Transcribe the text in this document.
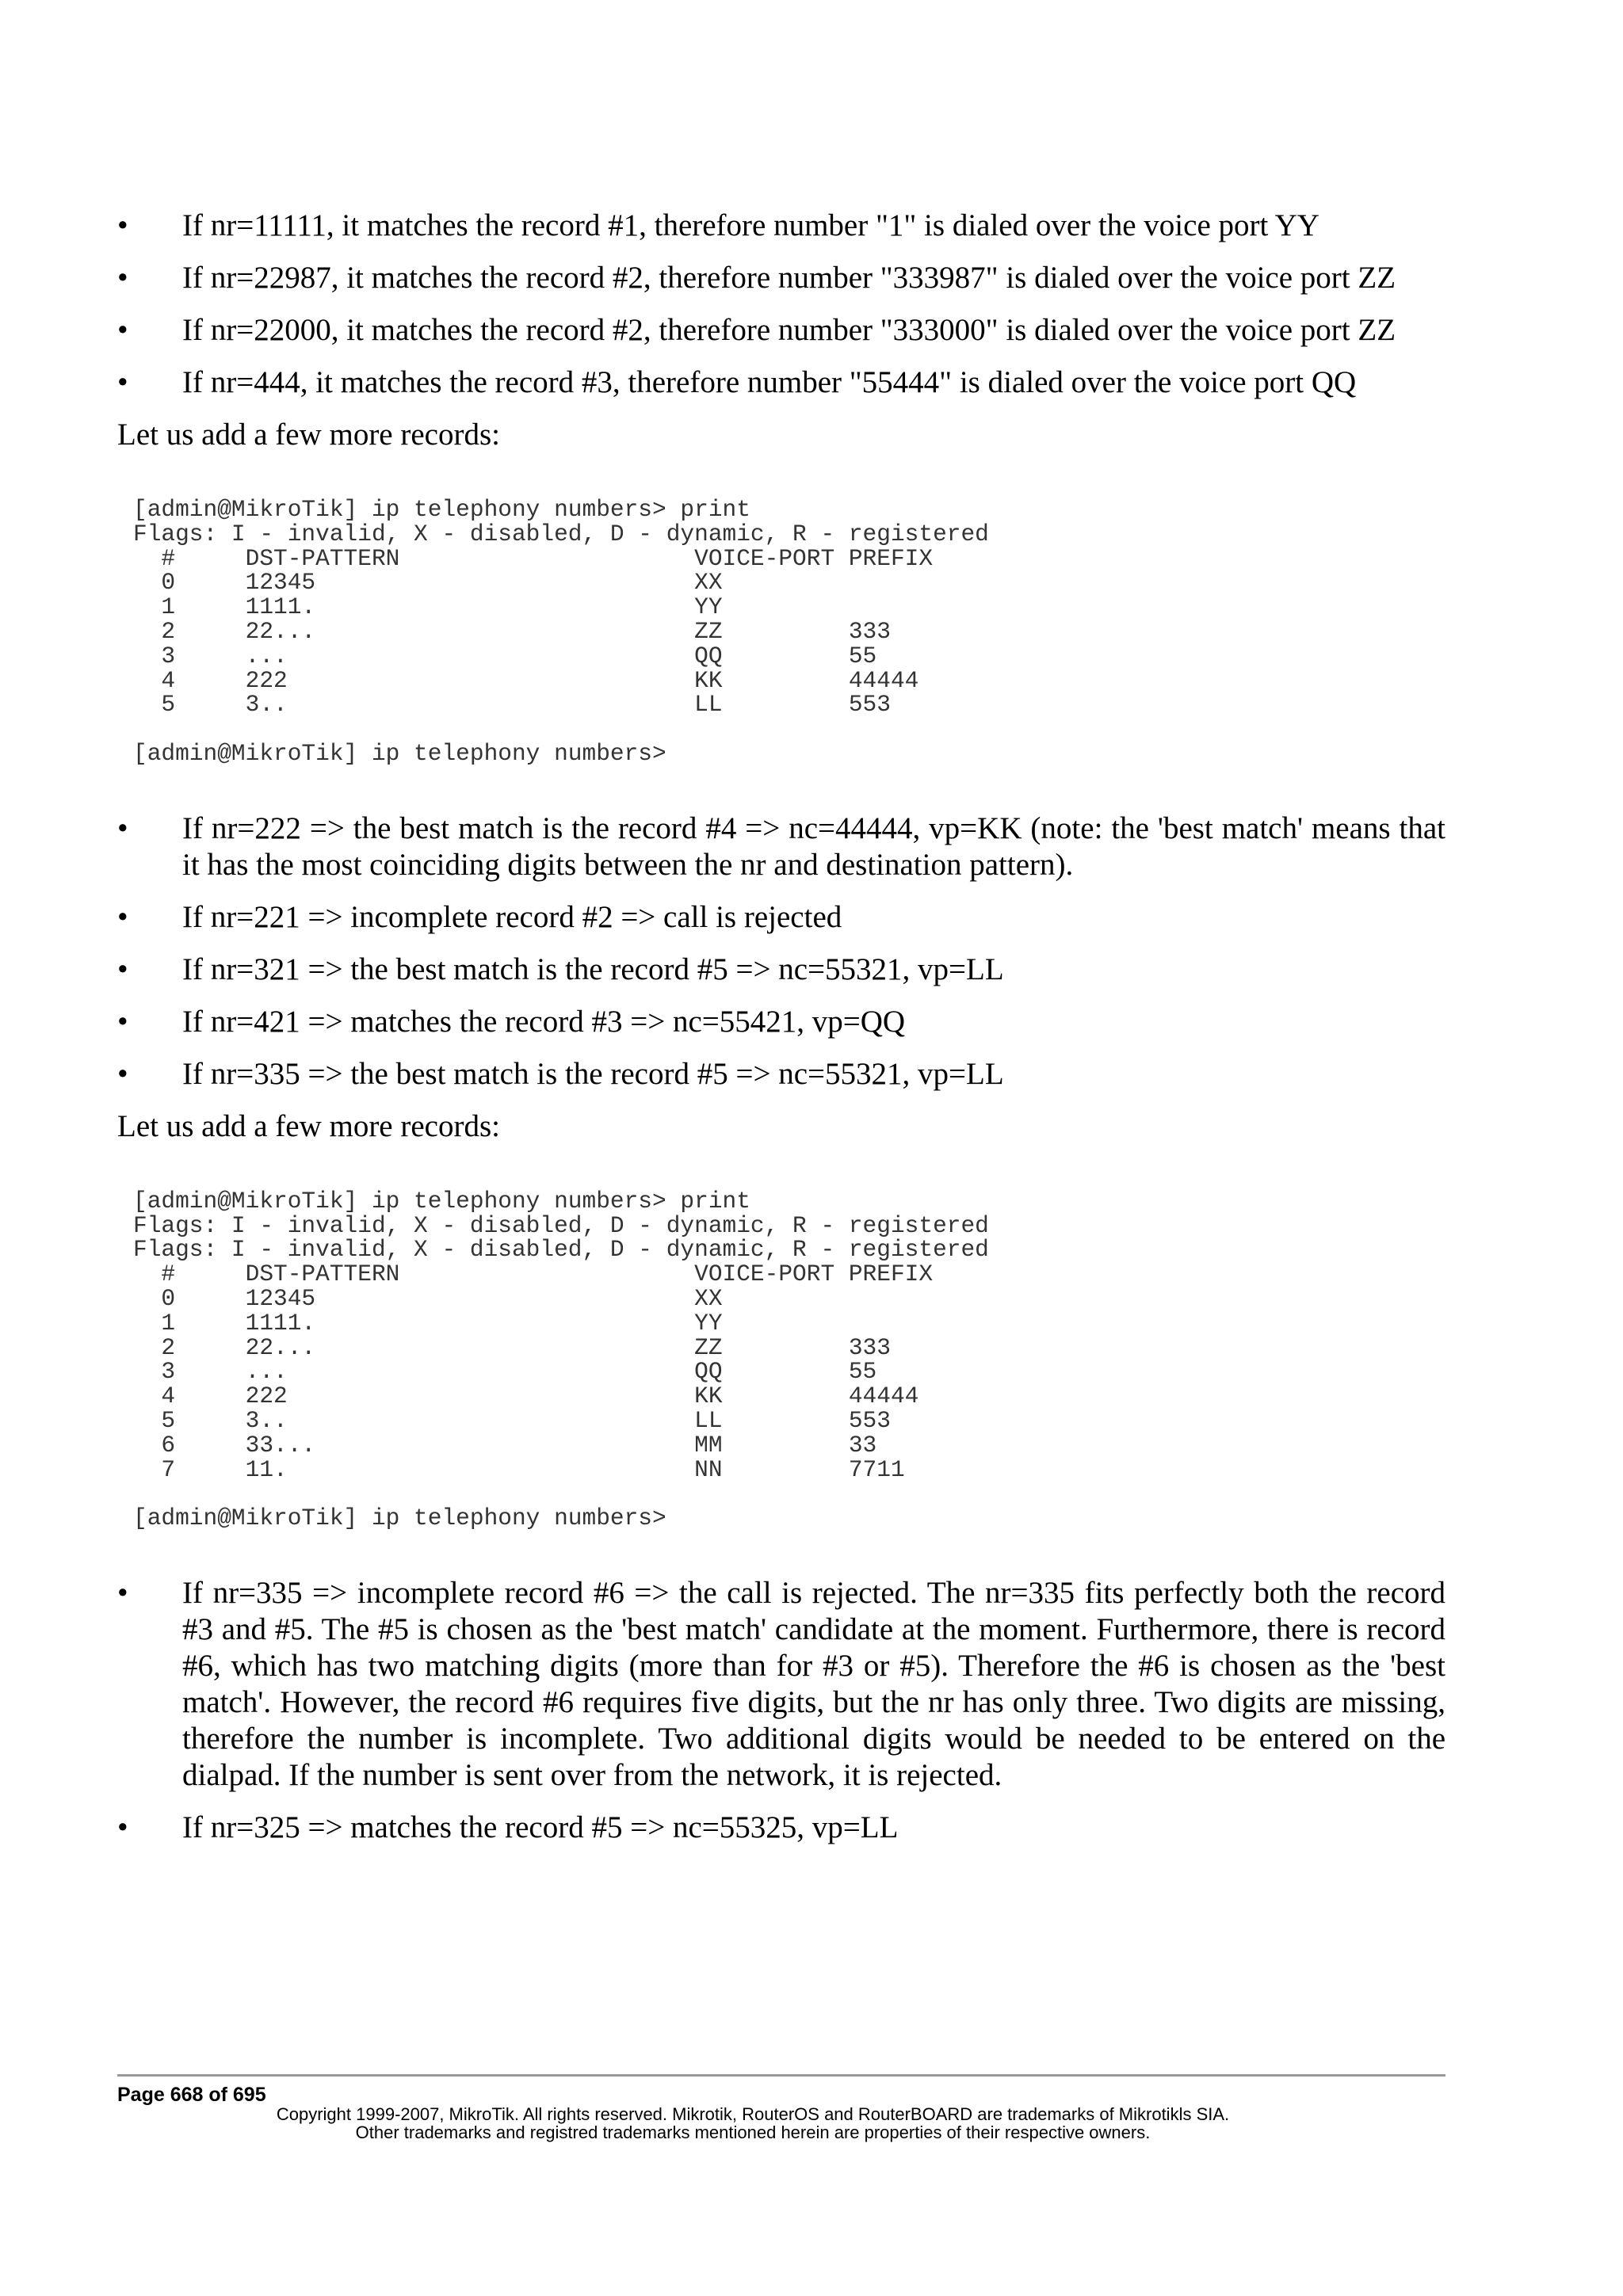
•	If nr=11111, it matches the record #1, therefore number "1" is dialed over the voice port YY
•	If nr=22987, it matches the record #2, therefore number "333987" is dialed over the voice port ZZ
•	If nr=22000, it matches the record #2, therefore number "333000" is dialed over the voice port ZZ
•	If nr=444, it matches the record #3, therefore number "55444" is dialed over the voice port QQ

Let us add a few more records:

[admin@MikroTik] ip telephony numbers> print
Flags: I - invalid, X - disabled, D - dynamic, R - registered
#     DST-PATTERN                     VOICE-PORT PREFIX
0     12345                           XX
1     1111.                           YY
2     22...                           ZZ         333
3     ...                             QQ         55
4     222                             KK         44444
5     3..                             LL         553

[admin@MikroTik] ip telephony numbers>
•	If nr=222 => the best match is the record #4 => nc=44444, vp=KK (note: the 'best match' means that it has the most coinciding digits between the nr and destination pattern).
•	If nr=221 => incomplete record #2 => call is rejected
•	If nr=321 => the best match is the record #5 => nc=55321, vp=LL
•	If nr=421 => matches the record #3 => nc=55421, vp=QQ
•	If nr=335 => the best match is the record #5 => nc=55321, vp=LL

Let us add a few more records:

[admin@MikroTik] ip telephony numbers> print
Flags: I - invalid, X - disabled, D - dynamic, R - registered
Flags: I - invalid, X - disabled, D - dynamic, R - registered
#     DST-PATTERN                     VOICE-PORT PREFIX
0     12345                           XX
1     1111.                           YY
2     22...                           ZZ         333
3     ...                             QQ         55
4     222                             KK         44444
5     3..                             LL         553
6     33...                           MM         33
7     11.                             NN         7711

[admin@MikroTik] ip telephony numbers>
•	If nr=335 => incomplete record #6 => the call is rejected. The nr=335 fits perfectly both the record #3 and #5. The #5 is chosen as the 'best match' candidate at the moment. Furthermore, there is record #6, which has two matching digits (more than for #3 or #5). Therefore the #6 is chosen as the 'best match'. However, the record #6 requires five digits, but the nr has only three. Two digits are missing, therefore the number is incomplete. Two additional digits would be needed to be entered on the dialpad. If the number is sent over from the network, it is rejected.
•	If nr=325 => matches the record #5 => nc=55325, vp=LL
Page 668 of 695
Copyright 1999-2007, MikroTik. All rights reserved. Mikrotik, RouterOS and RouterBOARD are trademarks of Mikrotikls SIA.
Other trademarks and registred trademarks mentioned herein are properties of their respective owners.
